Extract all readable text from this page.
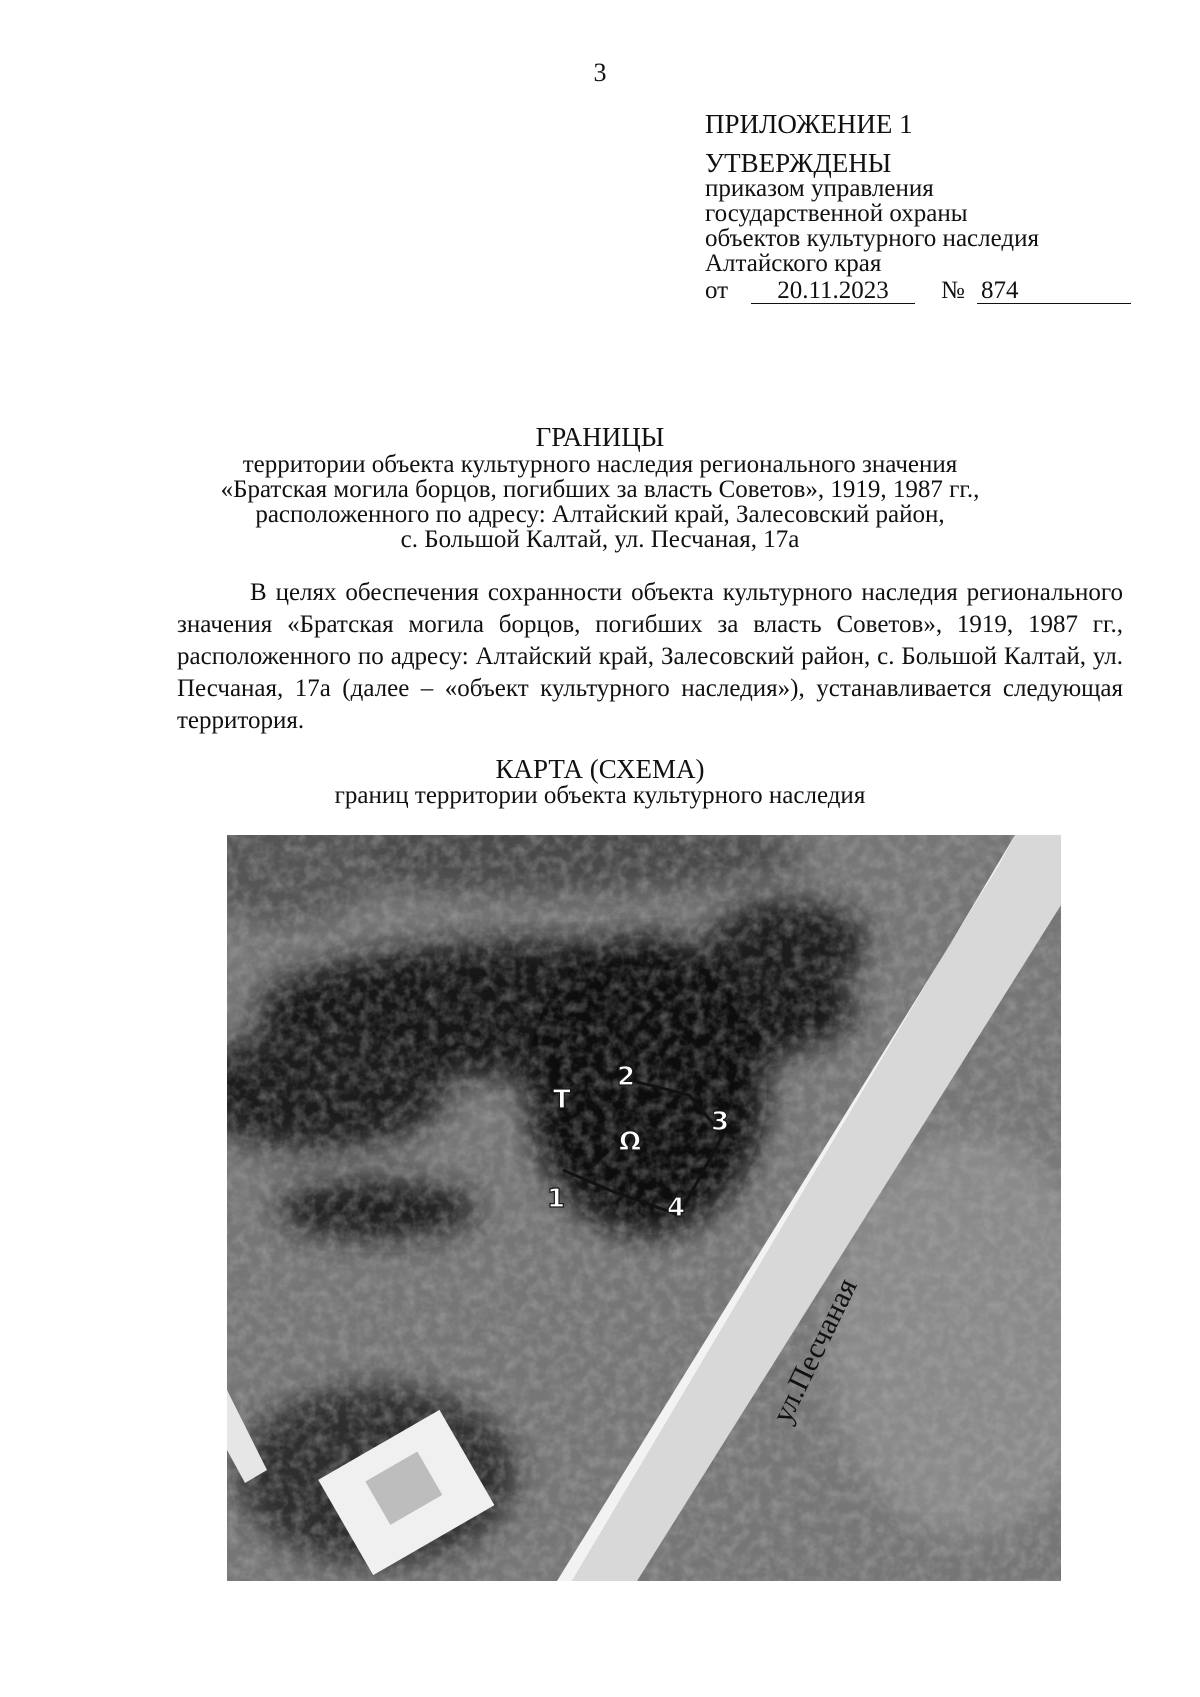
3
ПРИЛОЖЕНИЕ 1
УТВЕРЖДЕНЫ
приказом управления
государственной охраны
объектов культурного наследия
Алтайского края
от	20.11.2023	№ 874
ГРАНИЦЫ
территории объекта культурного наследия регионального значения
«Братская могила борцов, погибших за власть Советов», 1919, 1987 гг.,
расположенного по адресу: Алтайский край, Залесовский район,
с. Большой Калтай, ул. Песчаная, 17а
В целях обеспечения сохранности объекта культурного наследия регионального значения «Братская могила борцов, погибших за власть Советов», 1919, 1987 гг., расположенного по адресу: Алтайский край, Залесовский район, с. Большой Калтай, ул. Песчаная, 17а (далее – «объект культурного наследия»), устанавливается следующая территория.
КАРТА (СХЕМА)
границ территории объекта культурного наследия
1
2
3
4
T
Ω
ул.Песчаная
